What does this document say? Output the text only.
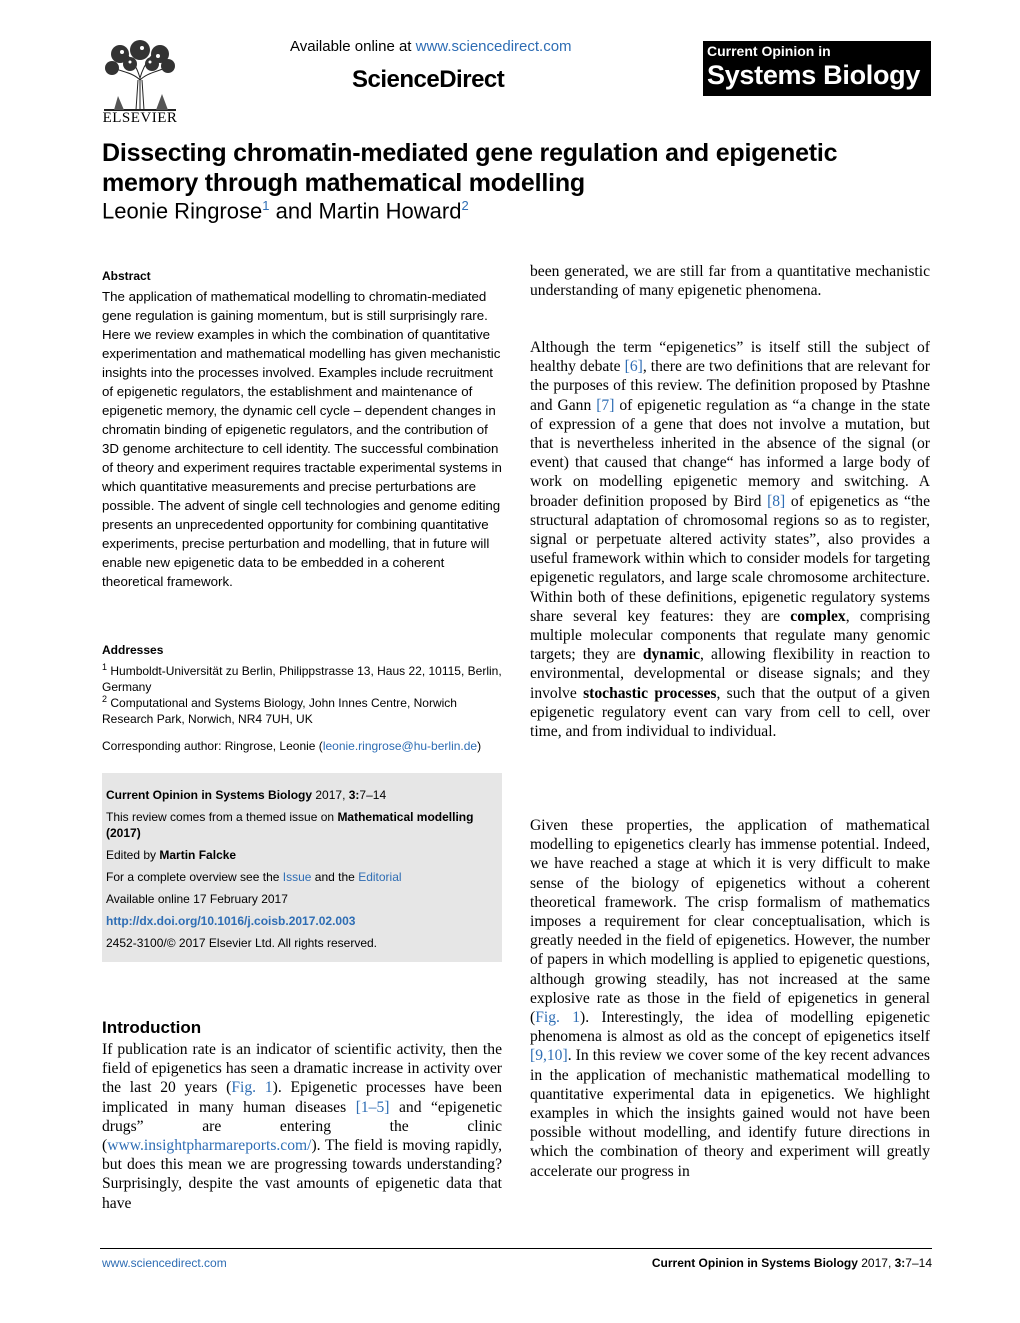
ELSEVIER
Available online at www.sciencedirect.com
ScienceDirect
Current Opinion in
Systems Biology
Dissecting chromatin-mediated gene regulation and epigenetic memory through mathematical modelling
Leonie Ringrose$^1$ and Martin Howard$^2$
Abstract
The application of mathematical modelling to chromatin-mediated gene regulation is gaining momentum, but is still surprisingly rare. Here we review examples in which the combination of quantitative experimentation and mathematical modelling has given mechanistic insights into the processes involved. Examples include recruitment of epigenetic regulators, the establishment and maintenance of epigenetic memory, the dynamic cell cycle – dependent changes in chromatin binding of epigenetic regulators, and the contribution of 3D genome architecture to cell identity. The successful combination of theory and experiment requires tractable experimental systems in which quantitative measurements and precise perturbations are possible. The advent of single cell technologies and genome editing presents an unprecedented opportunity for combining quantitative experiments, precise perturbation and modelling, that in future will enable new epigenetic data to be embedded in a coherent theoretical framework.
Addresses
$^1$ Humboldt-Universität zu Berlin, Philippstrasse 13, Haus 22, 10115, Berlin, Germany
$^2$ Computational and Systems Biology, John Innes Centre, Norwich Research Park, Norwich, NR4 7UH, UK
Corresponding author: Ringrose, Leonie (leonie.ringrose@hu-berlin.de)
Current Opinion in Systems Biology 2017, 3:7–14
This review comes from a themed issue on Mathematical modelling (2017)
Edited by Martin Falcke
For a complete overview see the Issue and the Editorial
Available online 17 February 2017
http://dx.doi.org/10.1016/j.coisb.2017.02.003
2452-3100/© 2017 Elsevier Ltd. All rights reserved.
Introduction
If publication rate is an indicator of scientific activity, then the field of epigenetics has seen a dramatic increase in activity over the last 20 years (Fig. 1). Epigenetic processes have been implicated in many human diseases [1–5] and “epigenetic drugs” are entering the clinic (www.insightpharmareports.com/). The field is moving rapidly, but does this mean we are progressing towards understanding? Surprisingly, despite the vast amounts of epigenetic data that have
been generated, we are still far from a quantitative mechanistic understanding of many epigenetic phenomena.
Although the term “epigenetics” is itself still the subject of healthy debate [6], there are two definitions that are relevant for the purposes of this review. The definition proposed by Ptashne and Gann [7] of epigenetic regulation as “a change in the state of expression of a gene that does not involve a mutation, but that is nevertheless inherited in the absence of the signal (or event) that caused that change“ has informed a large body of work on modelling epigenetic memory and switching. A broader definition proposed by Bird [8] of epigenetics as “the structural adaptation of chromosomal regions so as to register, signal or perpetuate altered activity states”, also provides a useful framework within which to consider models for targeting epigenetic regulators, and large scale chromosome architecture. Within both of these definitions, epigenetic regulatory systems share several key features: they are complex, comprising multiple molecular components that regulate many genomic targets; they are dynamic, allowing flexibility in reaction to environmental, developmental or disease signals; and they involve stochastic processes, such that the output of a given epigenetic regulatory event can vary from cell to cell, over time, and from individual to individual.
Given these properties, the application of mathematical modelling to epigenetics clearly has immense potential. Indeed, we have reached a stage at which it is very difficult to make sense of the biology of epigenetics without a coherent theoretical framework. The crisp formalism of mathematics imposes a requirement for clear conceptualisation, which is greatly needed in the field of epigenetics. However, the number of papers in which modelling is applied to epigenetic questions, although growing steadily, has not increased at the same explosive rate as those in the field of epigenetics in general (Fig. 1). Interestingly, the idea of modelling epigenetic phenomena is almost as old as the concept of epigenetics itself [9,10]. In this review we cover some of the key recent advances in the application of mechanistic mathematical modelling to quantitative experimental data in epigenetics. We highlight examples in which the insights gained would not have been possible without modelling, and identify future directions in which the combination of theory and experiment will greatly accelerate our progress in
www.sciencedirect.com	Current Opinion in Systems Biology 2017, 3:7–14
